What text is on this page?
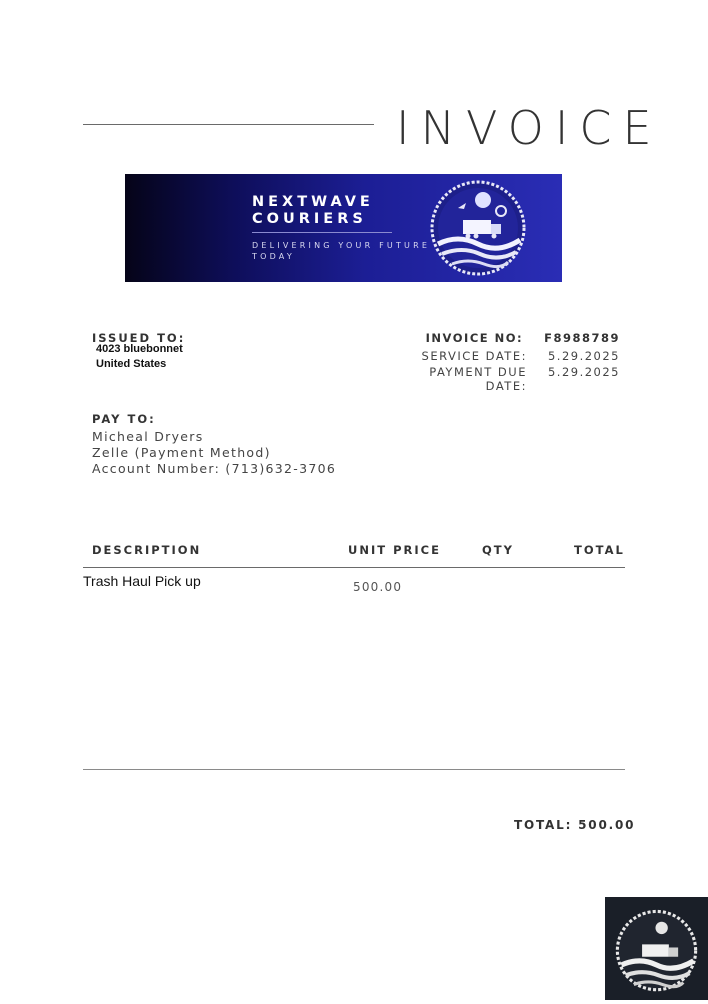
INVOICE
NEXTWAVE
COURIERS
DELIVERING YOUR FUTURE
TODAY
ISSUED TO:
4023 bluebonnet
United States
INVOICE NO: F8988789
SERVICE DATE: 5.29.2025
PAYMENT DUE DATE:
5.29.2025
PAY TO:
Micheal Dryers
Zelle (Payment Method)
Account Number: (713)632-3706
DESCRIPTION	UNIT PRICE	QTY	TOTAL
Trash Haul Pick up	500.00
TOTAL: 500.00
